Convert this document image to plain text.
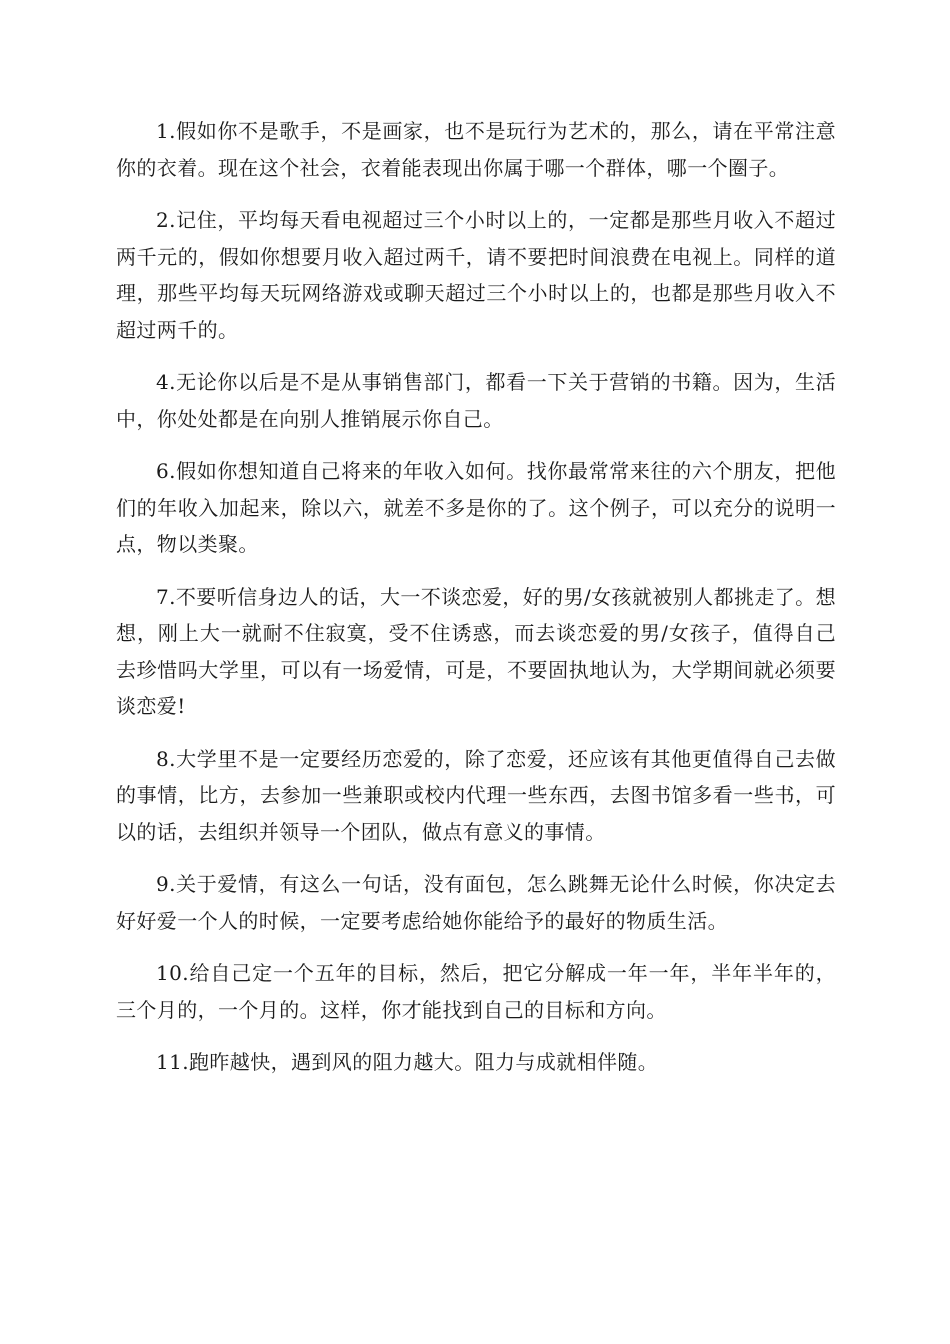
1.假如你不是歌手，不是画家，也不是玩行为艺术的，那么，请在平常注意你的衣着。现在这个社会，衣着能表现出你属于哪一个群体，哪一个圈子。

2.记住，平均每天看电视超过三个小时以上的，一定都是那些月收入不超过两千元的，假如你想要月收入超过两千，请不要把时间浪费在电视上。同样的道理，那些平均每天玩网络游戏或聊天超过三个小时以上的，也都是那些月收入不超过两千的。

4.无论你以后是不是从事销售部门，都看一下关于营销的书籍。因为，生活中，你处处都是在向别人推销展示你自己。

6.假如你想知道自己将来的年收入如何。找你最常常来往的六个朋友，把他们的年收入加起来，除以六，就差不多是你的了。这个例子，可以充分的说明一点，物以类聚。

7.不要听信身边人的话，大一不谈恋爱，好的男/女孩就被别人都挑走了。想想，刚上大一就耐不住寂寞，受不住诱惑，而去谈恋爱的男/女孩子，值得自己去珍惜吗大学里，可以有一场爱情，可是，不要固执地认为，大学期间就必须要谈恋爱!

8.大学里不是一定要经历恋爱的，除了恋爱，还应该有其他更值得自己去做的事情，比方，去参加一些兼职或校内代理一些东西，去图书馆多看一些书，可以的话，去组织并领导一个团队，做点有意义的事情。

9.关于爱情，有这么一句话，没有面包，怎么跳舞无论什么时候，你决定去好好爱一个人的时候，一定要考虑给她你能给予的最好的物质生活。

10.给自己定一个五年的目标，然后，把它分解成一年一年，半年半年的，三个月的，一个月的。这样，你才能找到自己的目标和方向。

11.跑昨越快，遇到风的阻力越大。阻力与成就相伴随。
